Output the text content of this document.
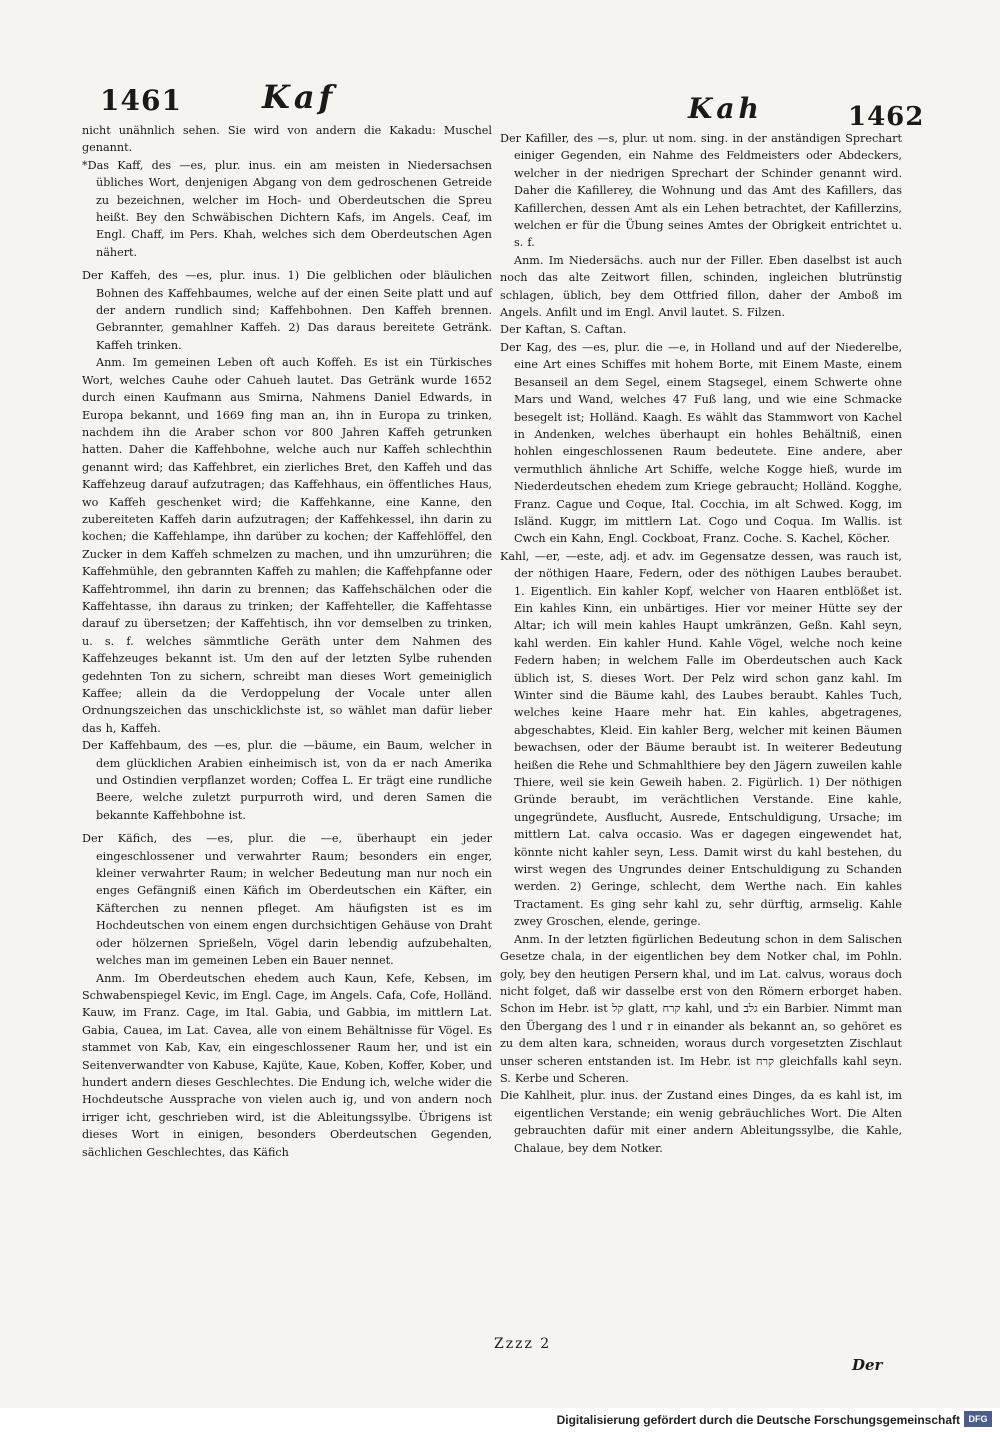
1461	Kaf	Kah	1462

nicht unähnlich sehen. Sie wird von andern die Kakadu: Muschel genannt.

*Das Kaff, des —es, plur. inus. ein am meisten in Niedersachsen übliches Wort, denjenigen Abgang von dem gedroschenen Getreide zu bezeichnen, welcher im Hoch- und Oberdeutschen die Spreu heißt. Bey den Schwäbischen Dichtern Kafs, im Angels. Ceaf, im Engl. Chaff, im Pers. Khah, welches sich dem Oberdeutschen Agen nähert.

Der Kaffeh, des —es, plur. inus. 1) Die gelblichen oder bläulichen Bohnen des Kaffehbaumes, welche auf der einen Seite platt und auf der andern rundlich sind; Kaffehbohnen. Den Kaffeh brennen. Gebrannter, gemahlner Kaffeh. 2) Das daraus bereitete Getränk. Kaffeh trinken.

Anm. Im gemeinen Leben oft auch Koffeh. Es ist ein Türkisches Wort, welches Cauhe oder Cahueh lautet. Das Getränk wurde 1652 durch einen Kaufmann aus Smirna, Nahmens Daniel Edwards, in Europa bekannt, und 1669 fing man an, ihn in Europa zu trinken, nachdem ihn die Araber schon vor 800 Jahren Kaffeh getrunken hatten. Daher die Kaffehbohne, welche auch nur Kaffeh schlechthin genannt wird; das Kaffehbret, ein zierliches Bret, den Kaffeh und das Kaffehzeug darauf aufzutragen; das Kaffehhaus, ein öffentliches Haus, wo Kaffeh geschenket wird; die Kaffehkanne, eine Kanne, den zubereiteten Kaffeh darin aufzutragen; der Kaffehkessel, ihn darin zu kochen; die Kaffehlampe, ihn darüber zu kochen; der Kaffehlöffel, den Zucker in dem Kaffeh schmelzen zu machen, und ihn umzurühren; die Kaffehmühle, den gebrannten Kaffeh zu mahlen; die Kaffehpfanne oder Kaffehtrommel, ihn darin zu brennen; das Kaffehschälchen oder die Kaffehtasse, ihn daraus zu trinken; der Kaffehteller, die Kaffehtasse darauf zu übersetzen; der Kaffehtisch, ihn vor demselben zu trinken, u. s. f. welches sämmtliche Geräth unter dem Nahmen des Kaffehzeuges bekannt ist. Um den auf der letzten Sylbe ruhenden gedehnten Ton zu sichern, schreibt man dieses Wort gemeiniglich Kaffee; allein da die Verdoppelung der Vocale unter allen Ordnungszeichen das unschicklichste ist, so wählet man dafür lieber das h, Kaffeh.

Der Kaffehbaum, des —es, plur. die —bäume, ein Baum, welcher in dem glücklichen Arabien einheimisch ist, von da er nach Amerika und Ostindien verpflanzet worden; Coffea L. Er trägt eine rundliche Beere, welche zuletzt purpurroth wird, und deren Samen die bekannte Kaffehbohne ist.

Der Käfich, des —es, plur. die —e, überhaupt ein jeder eingeschlossener und verwahrter Raum; besonders ein enger, kleiner verwahrter Raum; in welcher Bedeutung man nur noch ein enges Gefängniß einen Käfich im Oberdeutschen ein Käfter, ein Käfterchen zu nennen pfleget. Am häufigsten ist es im Hochdeutschen von einem engen durchsichtigen Gehäuse von Draht oder hölzernen Sprießeln, Vögel darin lebendig aufzubehalten, welches man im gemeinen Leben ein Bauer nennet.

Anm. Im Oberdeutschen ehedem auch Kaun, Kefe, Kebsen, im Schwabenspiegel Kevic, im Engl. Cage, im Angels. Cafa, Cofe, Holländ. Kauw, im Franz. Cage, im Ital. Gabia, und Gabbia, im mittlern Lat. Gabia, Cauea, im Lat. Cavea, alle von einem Behältnisse für Vögel. Es stammet von Kab, Kav, ein eingeschlossener Raum her, und ist ein Seitenverwandter von Kabuse, Kajüte, Kaue, Koben, Koffer, Kober, und hundert andern dieses Geschlechtes. Die Endung ich, welche wider die Hochdeutsche Aussprache von vielen auch ig, und von andern noch irriger icht, geschrieben wird, ist die Ableitungssylbe. Übrigens ist dieses Wort in einigen, besonders Oberdeutschen Gegenden, sächlichen Geschlechtes, das Käfich

Der Kafiller, des —s, plur. ut nom. sing. in der anständigen Sprechart einiger Gegenden, ein Nahme des Feldmeisters oder Abdeckers, welcher in der niedrigen Sprechart der Schinder genannt wird. Daher die Kafillerey, die Wohnung und das Amt des Kafillers, das Kafillerchen, dessen Amt als ein Lehen betrachtet, der Kafillerzins, welchen er für die Übung seines Amtes der Obrigkeit entrichtet u. s. f.

Anm. Im Niedersächs. auch nur der Filler. Eben daselbst ist auch noch das alte Zeitwort fillen, schinden, ingleichen blutrünstig schlagen, üblich, bey dem Ottfried fillon, daher der Amboß im Angels. Anfilt und im Engl. Anvil lautet. S. Filzen.

Der Kaftan, S. Caftan.

Der Kag, des —es, plur. die —e, in Holland und auf der Niederelbe, eine Art eines Schiffes mit hohem Borte, mit Einem Maste, einem Besanseil an dem Segel, einem Stagsegel, einem Schwerte ohne Mars und Wand, welches 47 Fuß lang, und wie eine Schmacke besegelt ist; Holländ. Kaagh. Es wählt das Stammwort von Kachel in Andenken, welches überhaupt ein hohles Behältniß, einen hohlen eingeschlossenen Raum bedeutete. Eine andere, aber vermuthlich ähnliche Art Schiffe, welche Kogge hieß, wurde im Niederdeutschen ehedem zum Kriege gebraucht; Holländ. Kogghe, Franz. Cague und Coque, Ital. Cocchia, im alt Schwed. Kogg, im Isländ. Kuggr, im mittlern Lat. Cogo und Coqua. Im Wallis. ist Cwch ein Kahn, Engl. Cockboat, Franz. Coche. S. Kachel, Köcher.

Kahl, —er, —este, adj. et adv. im Gegensatze dessen, was rauch ist, der nöthigen Haare, Federn, oder des nöthigen Laubes beraubet. 1. Eigentlich. Ein kahler Kopf, welcher von Haaren entblößet ist. Ein kahles Kinn, ein unbärtiges. Hier vor meiner Hütte sey der Altar; ich will mein kahles Haupt umkränzen, Geßn. Kahl seyn, kahl werden. Ein kahler Hund. Kahle Vögel, welche noch keine Federn haben; in welchem Falle im Oberdeutschen auch Kack üblich ist, S. dieses Wort. Der Pelz wird schon ganz kahl. Im Winter sind die Bäume kahl, des Laubes beraubt. Kahles Tuch, welches keine Haare mehr hat. Ein kahles, abgetragenes, abgeschabtes, Kleid. Ein kahler Berg, welcher mit keinen Bäumen bewachsen, oder der Bäume beraubt ist. In weiterer Bedeutung heißen die Rehe und Schmahlthiere bey den Jägern zuweilen kahle Thiere, weil sie kein Geweih haben. 2. Figürlich. 1) Der nöthigen Gründe beraubt, im verächtlichen Verstande. Eine kahle, ungegründete, Ausflucht, Ausrede, Entschuldigung, Ursache; im mittlern Lat. calva occasio. Was er dagegen eingewendet hat, könnte nicht kahler seyn, Less. Damit wirst du kahl bestehen, du wirst wegen des Ungrundes deiner Entschuldigung zu Schanden werden. 2) Geringe, schlecht, dem Werthe nach. Ein kahles Tractament. Es ging sehr kahl zu, sehr dürftig, armselig. Kahle zwey Groschen, elende, geringe.

Anm. In der letzten figürlichen Bedeutung schon in dem Salischen Gesetze chala, in der eigentlichen bey dem Notker chal, im Pohln. goly, bey den heutigen Persern khal, und im Lat. calvus, woraus doch nicht folget, daß wir dasselbe erst von den Römern erborget haben. Schon im Hebr. ist קל glatt, קרח kahl, und גלב ein Barbier. Nimmt man den Übergang des l und r in einander als bekannt an, so gehöret es zu dem alten kara, schneiden, woraus durch vorgesetzten Zischlaut unser scheren entstanden ist. Im Hebr. ist קרח gleichfalls kahl seyn. S. Kerbe und Scheren.

Die Kahlheit, plur. inus. der Zustand eines Dinges, da es kahl ist, im eigentlichen Verstande; ein wenig gebräuchliches Wort. Die Alten gebrauchten dafür mit einer andern Ableitungssylbe, die Kahle, Chalaue, bey dem Notker.

Zzzz 2
Der
Digitalisierung gefördert durch die Deutsche Forschungsgemeinschaft DFG
